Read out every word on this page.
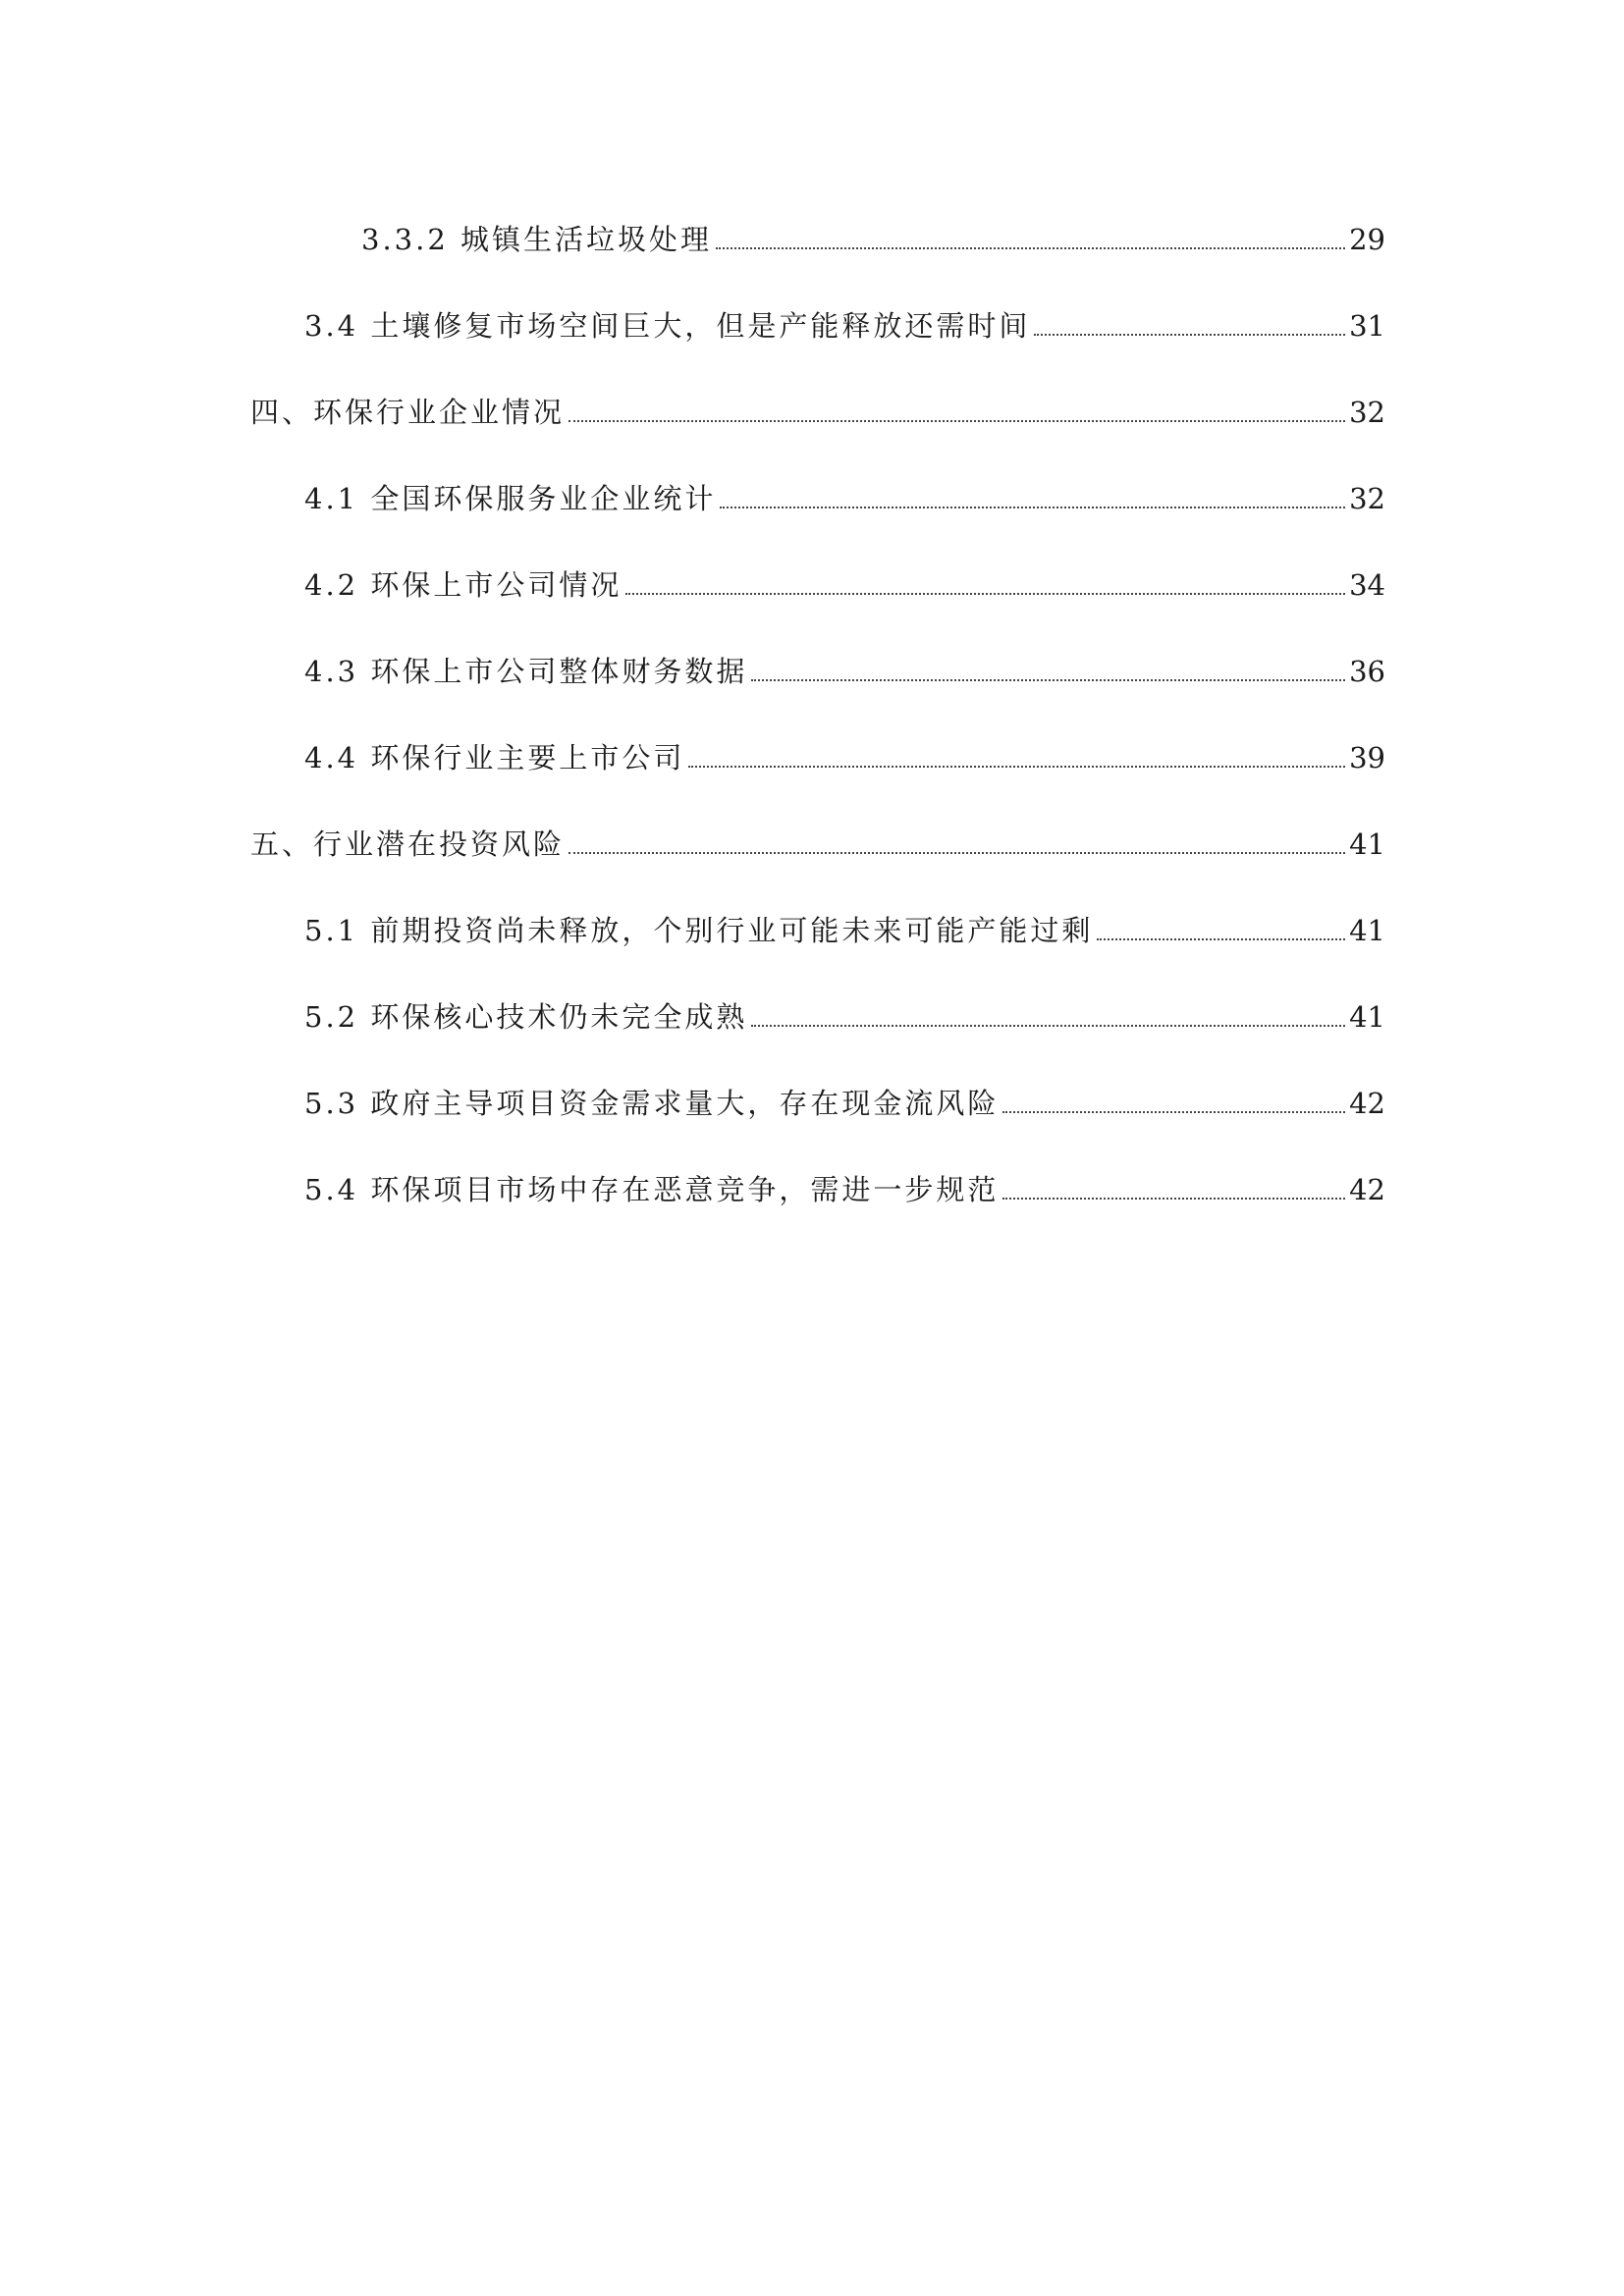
3.3.2 城镇生活垃圾处理	29
3.4 土壤修复市场空间巨大，但是产能释放还需时间	31
四、环保行业企业情况	32
4.1 全国环保服务业企业统计	32
4.2 环保上市公司情况	34
4.3 环保上市公司整体财务数据	36
4.4 环保行业主要上市公司	39
五、行业潜在投资风险	41
5.1 前期投资尚未释放，个别行业可能未来可能产能过剩	41
5.2 环保核心技术仍未完全成熟	41
5.3 政府主导项目资金需求量大，存在现金流风险	42
5.4 环保项目市场中存在恶意竞争，需进一步规范	42
